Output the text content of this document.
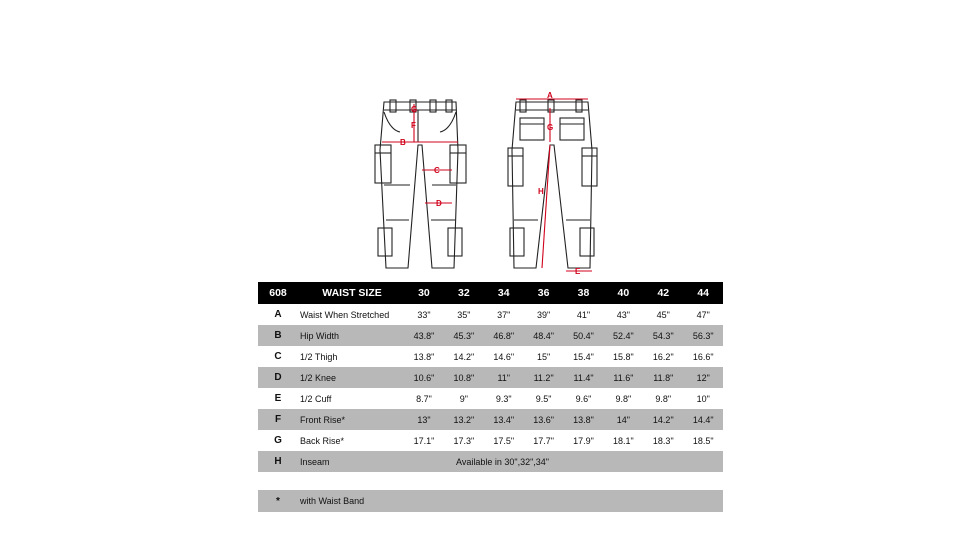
G
F
B
C
D
A
G
H
E
608	WAIST SIZE	30	32	34	36	38	40	42	44
A	Waist When Stretched	33"	35"	37"	39"	41"	43"	45"	47"
B	Hip Width	43.8"	45.3"	46.8"	48.4"	50.4"	52.4"	54.3"	56.3"
C	1/2 Thigh	13.8"	14.2"	14.6"	15"	15.4"	15.8"	16.2"	16.6"
D	1/2 Knee	10.6"	10.8"	11"	11.2"	11.4"	11.6"	11.8"	12"
E	1/2 Cuff	8.7"	9"	9.3"	9.5"	9.6"	9.8"	9.8"	10"
F	Front Rise*	13"	13.2"	13.4"	13.6"	13.8"	14"	14.2"	14.4"
G	Back Rise*	17.1"	17.3"	17.5"	17.7"	17.9"	18.1"	18.3"	18.5"
H	Inseam	Available in 30",32",34"							

*	with Waist Band								
